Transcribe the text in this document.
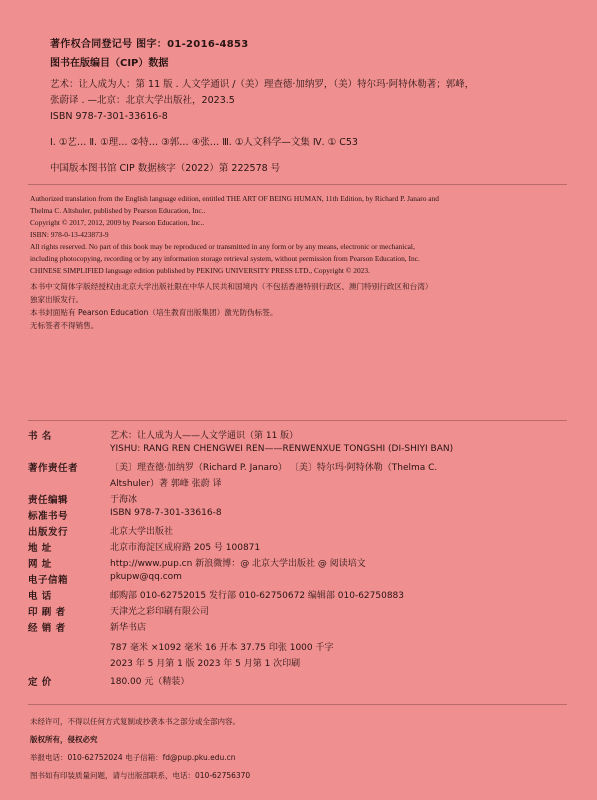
著作权合同登记号 图字：01-2016-4853
图书在版编目（CIP）数据
艺术：让人成为人：第 11 版 . 人文学通识 /（美）理查德·加纳罗，（美）特尔玛·阿特休勒著；郭峰，
张蔚译 . —北京：北京大学出版社，2023.5
ISBN 978-7-301-33616-8
Ⅰ. ①艺… Ⅱ. ①理… ②特… ③郭… ④张… Ⅲ. ①人文科学—文集 Ⅳ. ① C53
中国版本图书馆 CIP 数据核字（2022）第 222578 号
Authorized translation from the English language edition, entitled THE ART OF BEING HUMAN, 11th Edition, by Richard P. Janaro and
Thelma C. Altshuler, published by Pearson Education, Inc..
Copyright © 2017, 2012, 2009 by Pearson Education, Inc..
ISBN: 978-0-13-423873-9
All rights reserved. No part of this book may be reproduced or transmitted in any form or by any means, electronic or mechanical,
including photocopying, recording or by any information storage retrieval system, without permission from Pearson Education, Inc.
CHINESE SIMPLIFIED language edition published by PEKING UNIVERSITY PRESS LTD., Copyright © 2023.
本书中文简体字版经授权由北京大学出版社限在中华人民共和国境内（不包括香港特别行政区、澳门特别行政区和台湾）
独家出版发行。
本书封面贴有 Pearson Education（培生教育出版集团）激光防伪标签。
无标签者不得销售。
书 名	艺术：让人成为人——人文学通识（第 11 版）
YISHU: RANG REN CHENGWEI REN——RENWENXUE TONGSHI (DI-SHIYI BAN)
著作责任者	〔美〕理查德·加纳罗（Richard P. Janaro） 〔美〕特尔玛·阿特休勒（Thelma C.
Altshuler）著 郭峰 张蔚 译
责任编辑	于海冰
标准书号	ISBN 978-7-301-33616-8
出版发行	北京大学出版社
地 址	北京市海淀区成府路 205 号 100871
网 址	http://www.pup.cn 新浪微博：@ 北京大学出版社 @ 阅读培文
电子信箱	pkupw@qq.com
电 话	邮购部 010-62752015 发行部 010-62750672 编辑部 010-62750883
印 刷 者	天津光之彩印刷有限公司
经 销 者	新华书店
787 毫米 ×1092 毫米 16 开本 37.75 印张 1000 千字
2023 年 5 月第 1 版 2023 年 5 月第 1 次印刷
定 价	180.00 元（精装）
未经许可，不得以任何方式复制或抄袭本书之部分或全部内容。
版权所有，侵权必究
举报电话：010-62752024 电子信箱：fd@pup.pku.edu.cn
图书如有印装质量问题，请与出版部联系，电话：010-62756370
